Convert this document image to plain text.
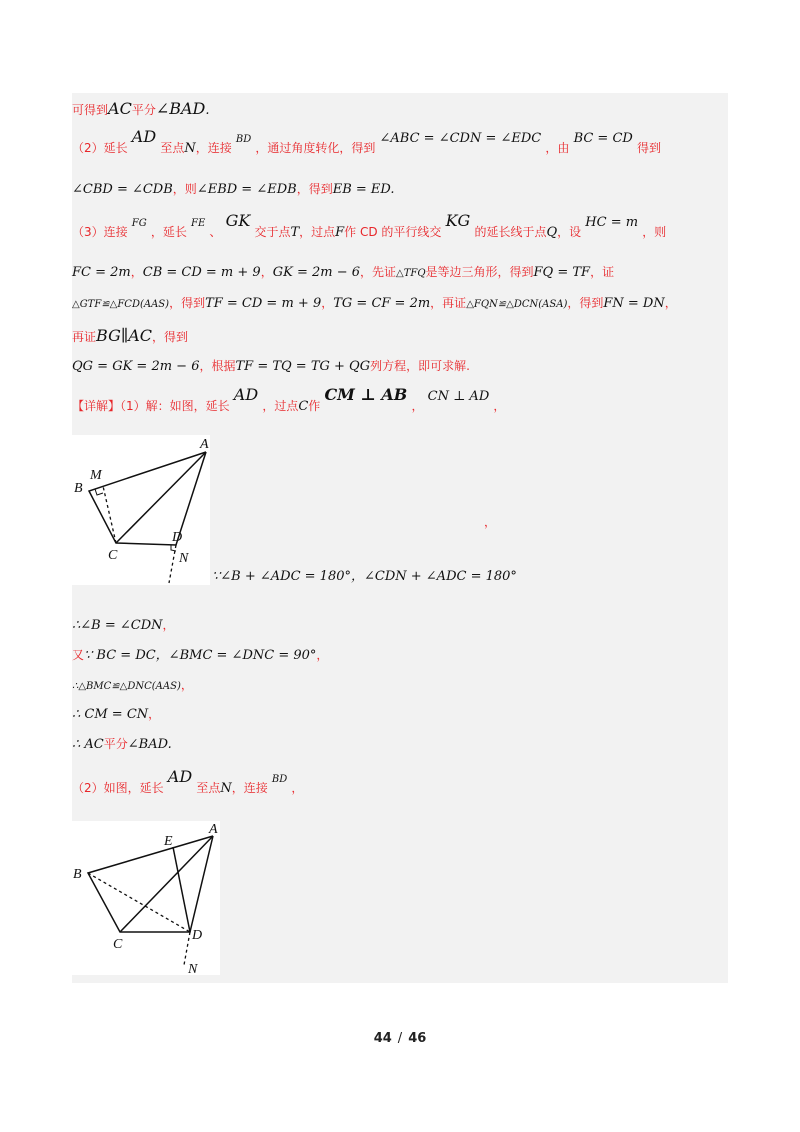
可得到AC平分∠BAD.
（2）延长 AD 至点N，连接 $^{BD}$ ，通过角度转化，得到 ∠ABC = ∠CDN = ∠EDC ，由 BC = CD 得到
∠CBD = ∠CDB，则∠EBD = ∠EDB，得到EB = ED.
（3）连接 $^{FG}$ ，延长 $^{FE}$ 、 GK 交于点T，过点F作 CD 的平行线交 KG 的延长线于点Q，设 HC = m ，则
FC = 2m，CB = CD = m + 9，GK = 2m − 6，先证△TFQ是等边三角形，得到FQ = TF，证
△GTF≌△FCD(AAS)，得到TF = CD = m + 9，TG = CF = 2m，再证△FQN≌△DCN(ASA)，得到FN = DN，
再证BG∥AC，得到
QG = GK = 2m − 6，根据TF = TQ = TG + QG列方程，即可求解.
【详解】（1）解：如图，延长 AD ，过点C作 CM ⊥ AB ， CN ⊥ AD ，
A
B
C
D
M
N
，
∵∠B + ∠ADC = 180°，∠CDN + ∠ADC = 180°
∴∠B = ∠CDN，
又∵ BC = DC，∠BMC = ∠DNC = 90°，
∴△BMC≌△DNC(AAS)，
∴ CM = CN，
∴ AC平分∠BAD.
（2）如图，延长 AD 至点N，连接 $^{BD}$ ，
A
E
B
C
D
N
44 / 46
